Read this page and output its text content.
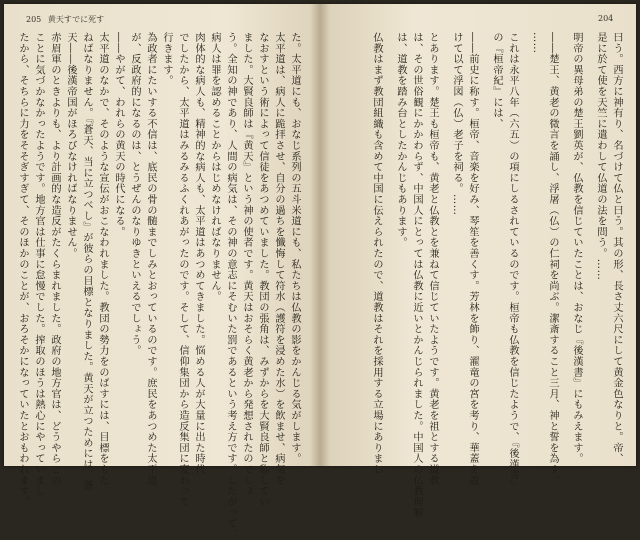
205 黄天すでに死す
た。太平道にも、おなじ系列の五斗米道にも、私たちは仏教の影をかんじる気がします。
太平道は、病人に跪拝させ、自分の過ちを懺悔して符水（護符を浸めた水）を飲ませ、病気を
なおすという術によって信徒をあつめていました。教団の張角は、みずからを大賢良師と称してい
ました。大賢良師は『黄天』という神の使者です。黄天はおそらく黄老から発想されたのでしょ
う。全知の神であり、人間の病気は、その神の意志にそむいた罰であるという考え方です。したがって、
病人は罪を認めることからはじめなければなりません。
肉体的な病人も、精神的な病人も、太平道はあつめてきました。悩める人が大量に出た時代
でしたから、太平道はみるみるふくれあがったのです。そして、信仰集団から造反集団に変わって
行きます。
為政者にたいする不信は、底民の骨の髄までしみとおっているのです。庶民をあつめた太平道
が、反政府的になるのは、とうぜんのなりゆきといえるでしょう。
――やがて、われらの黄天の時代になる。
太平道のなかで、そのような宣伝がおこなわれました。教団の勢力をのばすには、目標をもた
ねばなりません。『蒼天、当に立つべし』が彼らの目標となりました。黄天が立つためには、蒼
天――後漢帝国がほろびなければなりません。
赤眉軍のときよりも、より計画的な造反がたくらまれました。政府の地方官は、どうやらこの
ことに気づかなかったようです。地方官は仕事に怠慢でした。搾取のほうは熱心にやっていまし
たから、そちらに力をそそぎすぎて、そのほかのことが、おろそかになっていたとおもわれます。
204
曰う。西方に神有り、名づけて仏と曰う。其の形、長さ丈六尺にして黄金色なりと。帝、
是に於て使を天竺に遣わして仏道の法を問う。……
明帝の異母弟の楚王劉英が、仏教を信じていたことは、おなじ『後漢書』にもみえます。
――楚王、黄老の微言を誦し、浮屠（仏）の仁祠を尚ぶ。潔斎すること三月、神と誓を為す。
……
これは永平八年（六五）の項にしるされているのです。桓帝も仏教を信じたようで、『後漢書』
の『桓帝紀』には、
――前史に称す。桓帝、音楽を好み、琴笙を善くす。芳林を飾り、濯竜の宮を考り、華蓋を設
けて以て浮図（仏）老子を祠る。……
とあります。楚王も桓帝も、黄老と仏教とを兼ねて信じていたようです。黄老を祖とする道教
は、その世俗観にかかわらず、中国人にとっては仏教に近いとかんじられました。中国人の仏教理解
は、道教を踏み台としたかんじもあります。
仏教はまず教団組織も含めて中国に伝えられたので、道教はそれを採用する立場にありまし
